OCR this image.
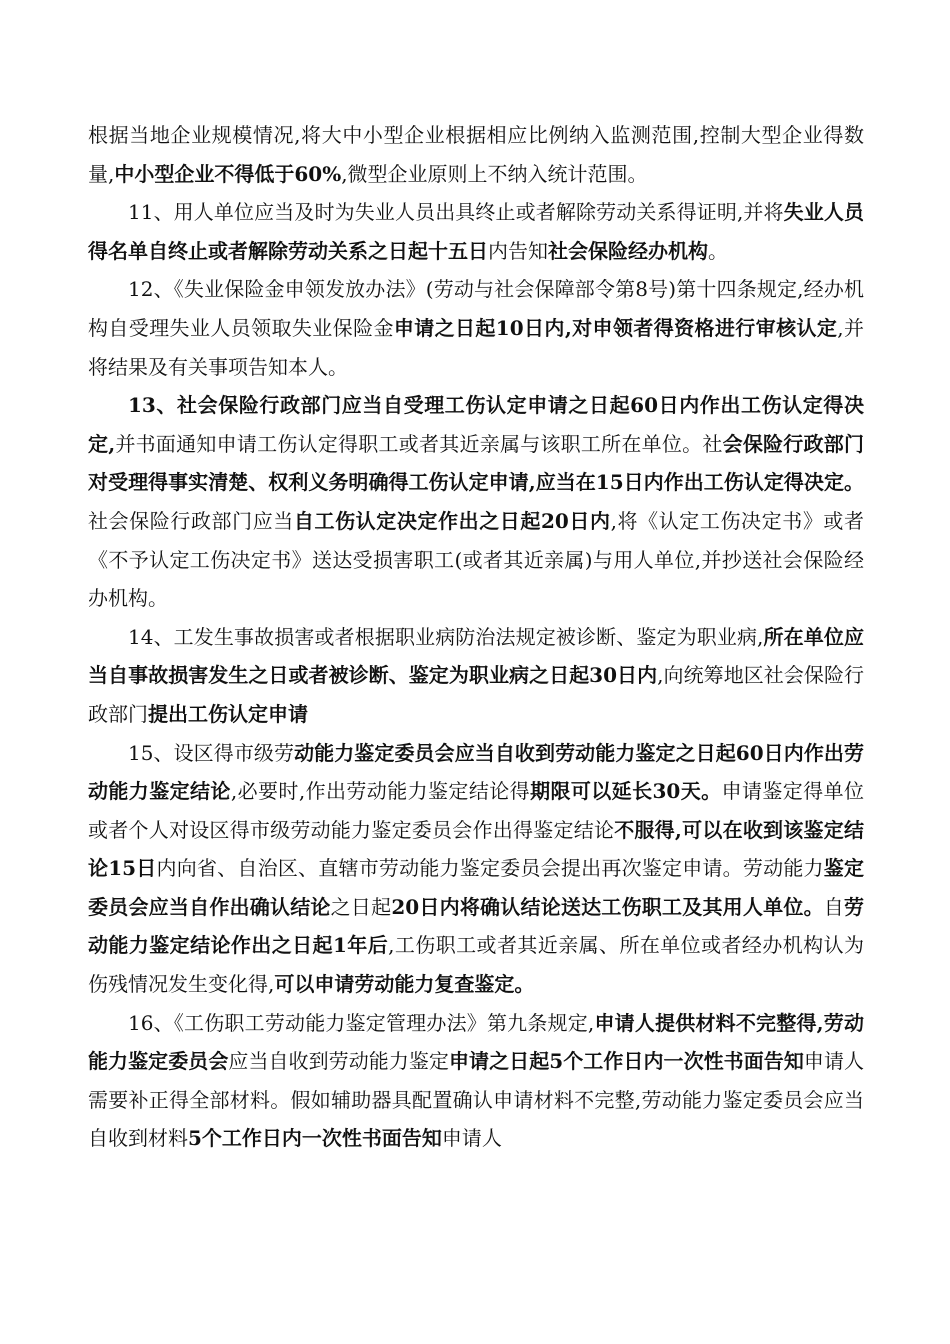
根据当地企业规模情况,将大中小型企业根据相应比例纳入监测范围,控制大型企业得数量,中小型企业不得低于60%,微型企业原则上不纳入统计范围。

11、用人单位应当及时为失业人员出具终止或者解除劳动关系得证明,并将失业人员得名单自终止或者解除劳动关系之日起十五日内告知社会保险经办机构。

12、《失业保险金申领发放办法》(劳动与社会保障部令第8号)第十四条规定,经办机构自受理失业人员领取失业保险金申请之日起10日内,对申领者得资格进行审核认定,并将结果及有关事项告知本人。

13、社会保险行政部门应当自受理工伤认定申请之日起60日内作出工伤认定得决定,并书面通知申请工伤认定得职工或者其近亲属与该职工所在单位。社会保险行政部门对受理得事实清楚、权利义务明确得工伤认定申请,应当在15日内作出工伤认定得决定。社会保险行政部门应当自工伤认定决定作出之日起20日内,将《认定工伤决定书》或者《不予认定工伤决定书》送达受损害职工(或者其近亲属)与用人单位,并抄送社会保险经办机构。

14、工发生事故损害或者根据职业病防治法规定被诊断、鉴定为职业病,所在单位应当自事故损害发生之日或者被诊断、鉴定为职业病之日起30日内,向统筹地区社会保险行政部门提出工伤认定申请

15、设区得市级劳动能力鉴定委员会应当自收到劳动能力鉴定之日起60日内作出劳动能力鉴定结论,必要时,作出劳动能力鉴定结论得期限可以延长30天。申请鉴定得单位或者个人对设区得市级劳动能力鉴定委员会作出得鉴定结论不服得,可以在收到该鉴定结论15日内向省、自治区、直辖市劳动能力鉴定委员会提出再次鉴定申请。劳动能力鉴定委员会应当自作出确认结论之日起20日内将确认结论送达工伤职工及其用人单位。自劳动能力鉴定结论作出之日起1年后,工伤职工或者其近亲属、所在单位或者经办机构认为伤残情况发生变化得,可以申请劳动能力复查鉴定。

16、《工伤职工劳动能力鉴定管理办法》第九条规定,申请人提供材料不完整得,劳动能力鉴定委员会应当自收到劳动能力鉴定申请之日起5个工作日内一次性书面告知申请人需要补正得全部材料。假如辅助器具配置确认申请材料不完整,劳动能力鉴定委员会应当自收到材料5个工作日内一次性书面告知申请人
